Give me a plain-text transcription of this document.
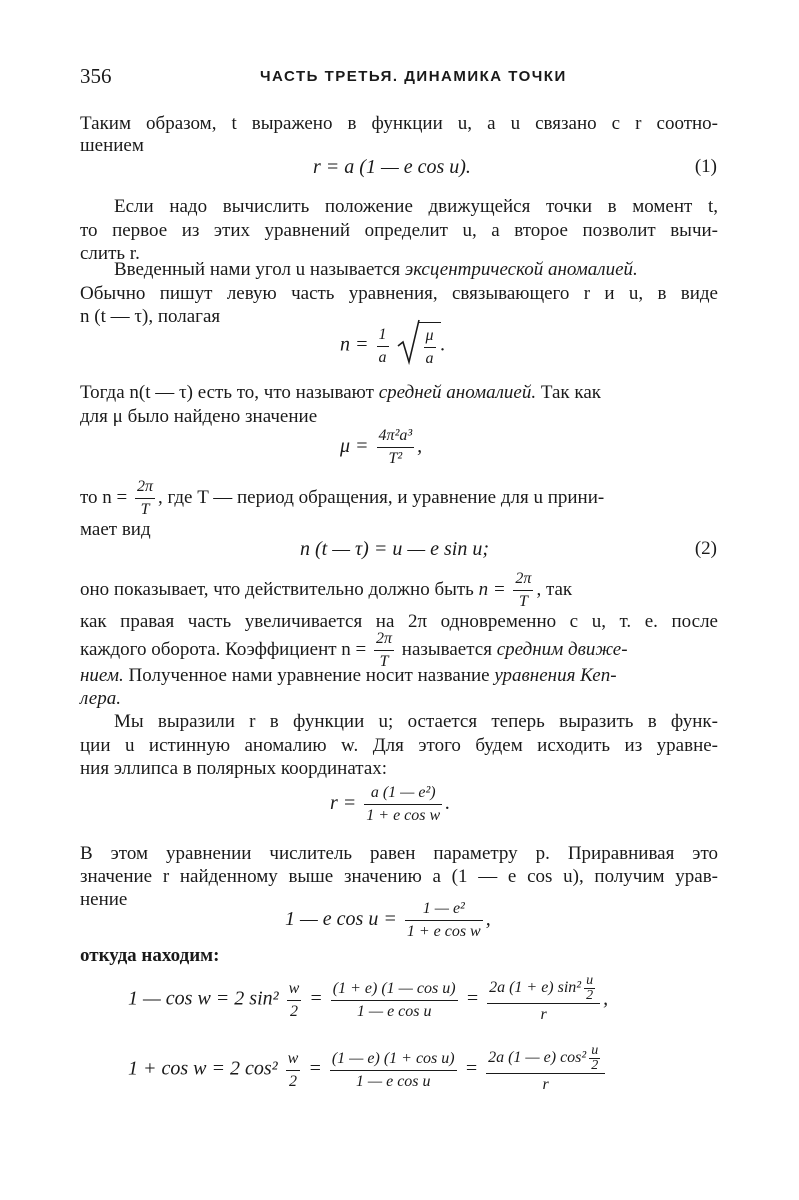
356	ЧАСТЬ ТРЕТЬЯ. ДИНАМИКА ТОЧКИ
Таким образом, t выражено в функции u, а u связано с r соотно-
шением
r = a (1 — e cos u).	(1)
Если надо вычислить положение движущейся точки в момент t,
то первое из этих уравнений определит u, а второе позволит вычи-
слить r.
Введенный нами угол u называется эксцентрической аномалией.
Обычно пишут левую часть уравнения, связывающего r и u, в виде
n (t — τ), полагая
$n = \frac{1}{a}$
$\frac{\mu}{a}$ .
Тогда n(t — τ) есть то, что называют средней аномалией. Так как
для μ было найдено значение
$\mu = \frac{\text{4π²a³}}{\text{T²}}$ ,
то $n = \frac{2\pi}{T}$ , где T — период обращения, и уравнение для u прини-
мает вид
n (t — τ) = u — e sin u;	(2)
оно показывает, что действительно должно быть $n = \frac{2\pi}{T}$ , так
как правая часть увеличивается на 2π одновременно с u, т. е. после
каждого оборота. Коэффициент $n = \frac{2\pi}{T}$ называется средним движе-
нием. Полученное нами уравнение носит название уравнения Кеп-
лера.
Мы выразили r в функции u; остается теперь выразить в функ-
ции u истинную аномалию w. Для этого будем исходить из уравне-
ния эллипса в полярных координатах:
$r = \frac{\text{a (1 — e²)}}{\text{1 + e cos w}}$ .
В этом уравнении числитель равен параметру p. Приравнивая это
значение r найденному выше значению a (1 — e cos u), получим урав-
нение
1 — e $\cos u = \frac{\text{1 — e²}}{\text{1 + e cos w}}$ ,
откуда находим:
1 — cos w = 2 $\sin^2 \frac{w}{2} = \frac{\text{(1 + e) (1 — cos u)}}{\text{1 — e cos u}} = \frac{2a (1 + e) \sin^2 \frac{u}{2}}{r}$ ,
1 + cos w = 2 $\cos^2 \frac{w}{2} = \frac{\text{(1 — e) (1 + cos u)}}{\text{1 — e cos u}} = \frac{2a (1 — e) \cos^2 \frac{u}{2}}{r}$
